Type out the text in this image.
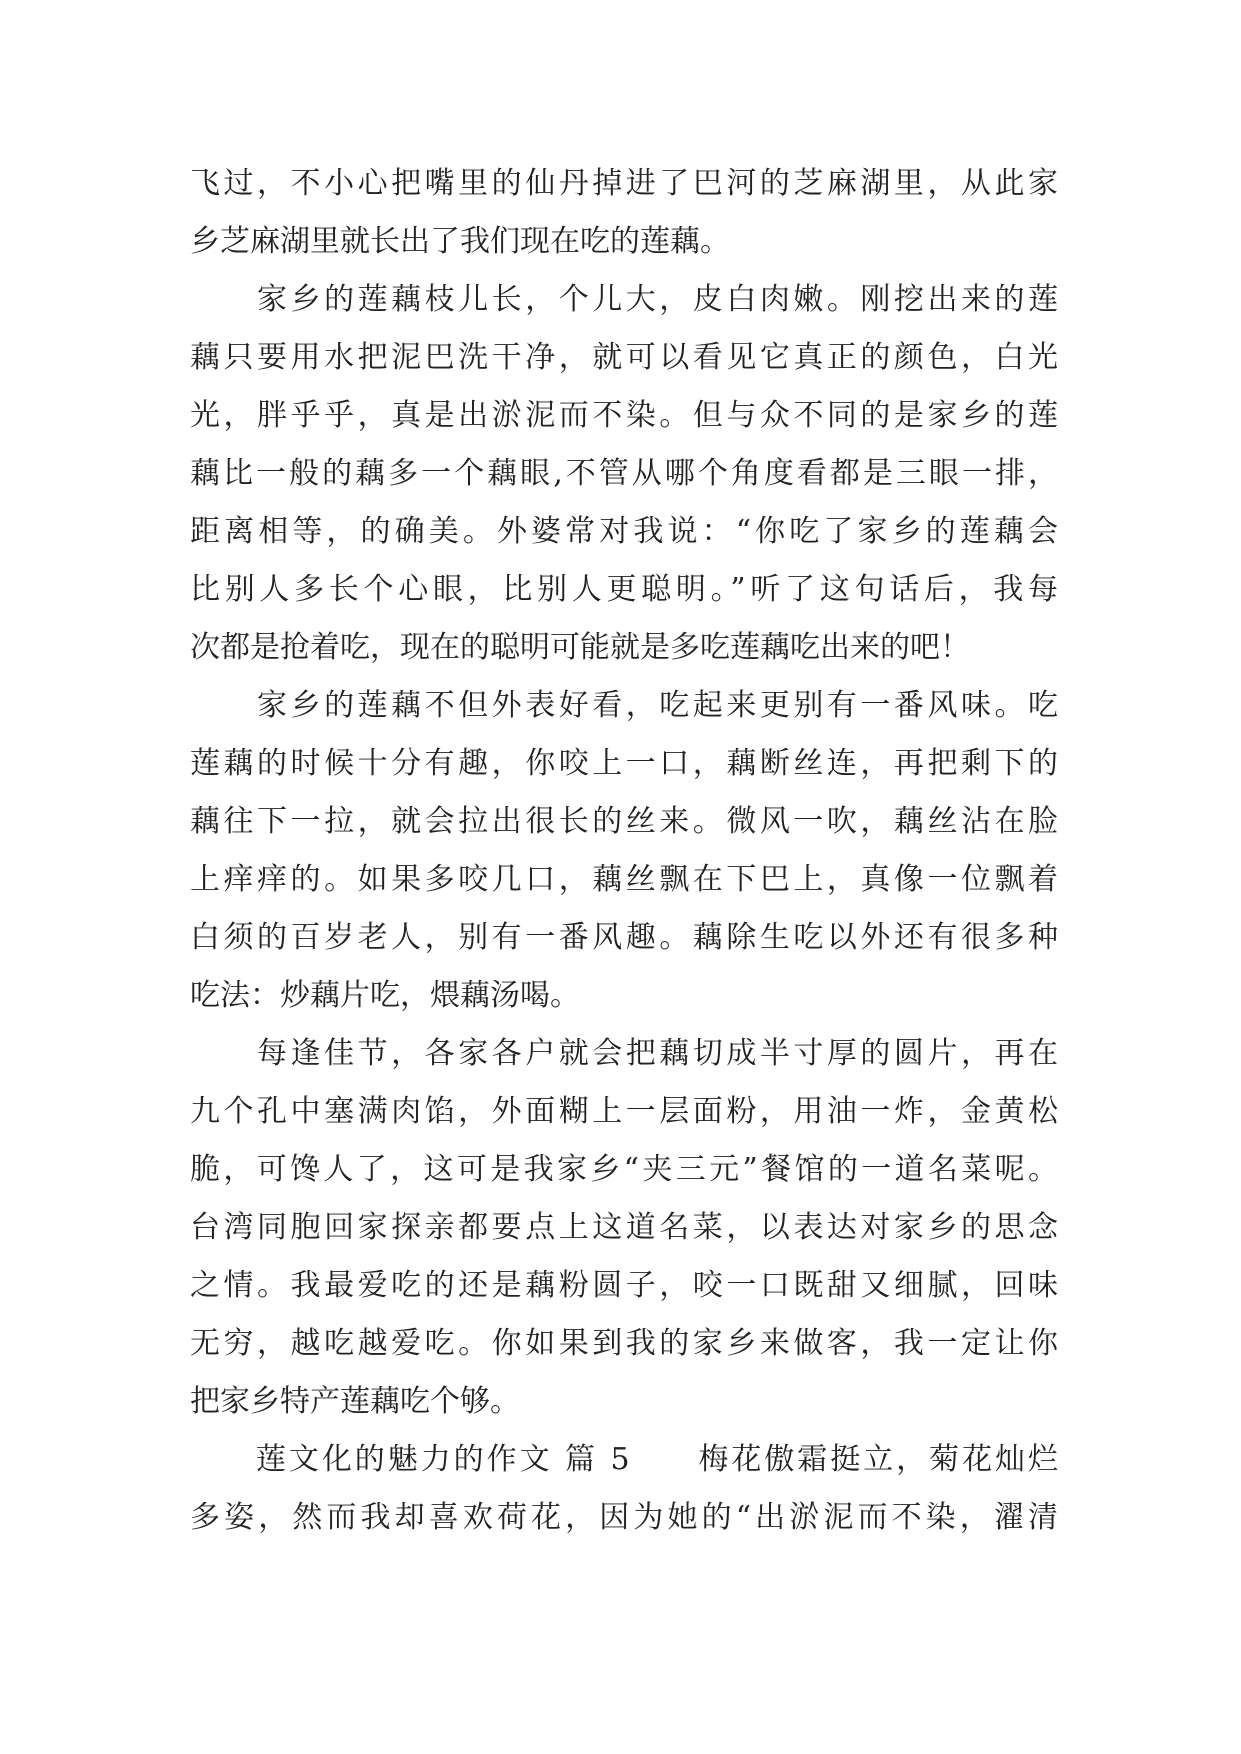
飞过，不小心把嘴里的仙丹掉进了巴河的芝麻湖里，从此家
乡芝麻湖里就长出了我们现在吃的莲藕。
　　家乡的莲藕枝儿长，个儿大，皮白肉嫩。刚挖出来的莲
藕只要用水把泥巴洗干净，就可以看见它真正的颜色，白光
光，胖乎乎，真是出淤泥而不染。但与众不同的是家乡的莲
藕比一般的藕多一个藕眼,不管从哪个角度看都是三眼一排，
距离相等，的确美。外婆常对我说：“你吃了家乡的莲藕会
比别人多长个心眼，比别人更聪明。”听了这句话后，我每
次都是抢着吃，现在的聪明可能就是多吃莲藕吃出来的吧！
　　家乡的莲藕不但外表好看，吃起来更别有一番风味。吃
莲藕的时候十分有趣，你咬上一口，藕断丝连，再把剩下的
藕往下一拉，就会拉出很长的丝来。微风一吹，藕丝沾在脸
上痒痒的。如果多咬几口，藕丝飘在下巴上，真像一位飘着
白须的百岁老人，别有一番风趣。藕除生吃以外还有很多种
吃法：炒藕片吃，煨藕汤喝。
　　每逢佳节，各家各户就会把藕切成半寸厚的圆片，再在
九个孔中塞满肉馅，外面糊上一层面粉，用油一炸，金黄松
脆，可馋人了，这可是我家乡“夹三元”餐馆的一道名菜呢。
台湾同胞回家探亲都要点上这道名菜，以表达对家乡的思念
之情。我最爱吃的还是藕粉圆子，咬一口既甜又细腻，回味
无穷，越吃越爱吃。你如果到我的家乡来做客，我一定让你
把家乡特产莲藕吃个够。
　　莲文化的魅力的作文 篇 5　　梅花傲霜挺立，菊花灿烂
多姿，然而我却喜欢荷花，因为她的“出淤泥而不染，濯清
